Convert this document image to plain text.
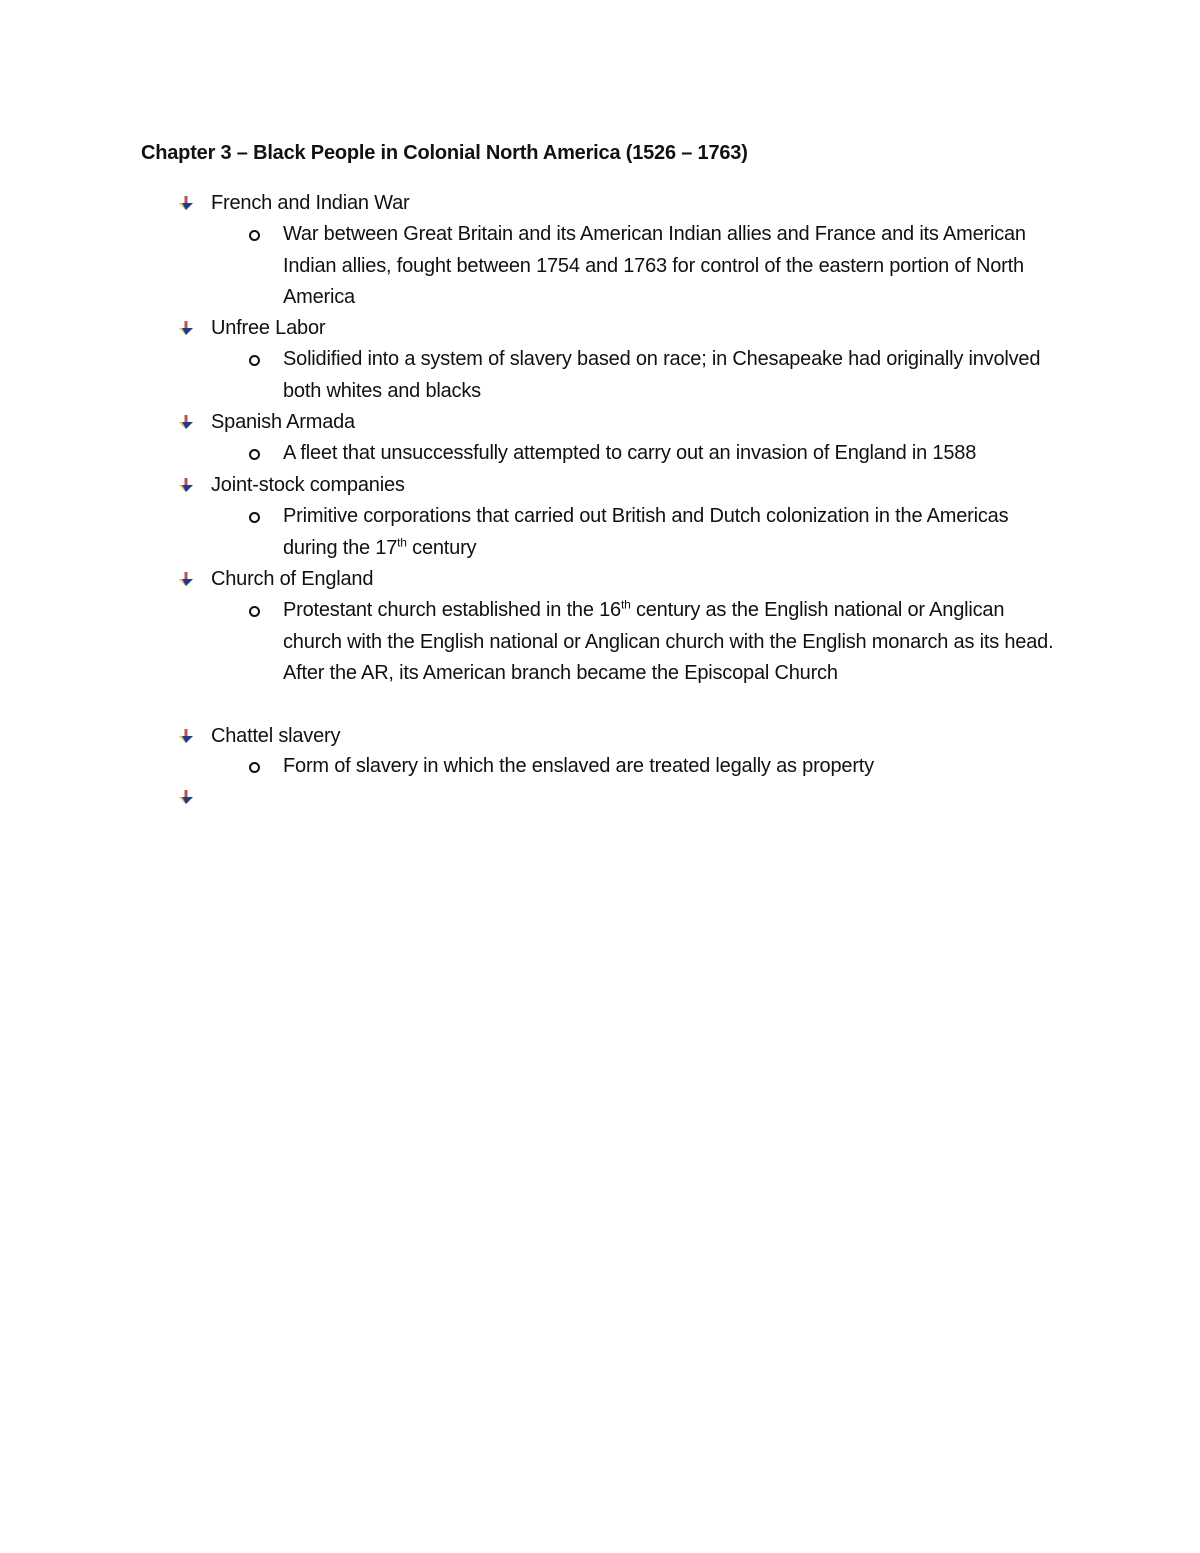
Chapter 3 – Black People in Colonial North America (1526 – 1763)
French and Indian War
War between Great Britain and its American Indian allies and France and its American Indian allies, fought between 1754 and 1763 for control of the eastern portion of North America
Unfree Labor
Solidified into a system of slavery based on race; in Chesapeake had originally involved both whites and blacks
Spanish Armada
A fleet that unsuccessfully attempted to carry out an invasion of England in 1588
Joint-stock companies
Primitive corporations that carried out British and Dutch colonization in the Americas during the 17th century
Church of England
Protestant church established in the 16th century as the English national or Anglican church with the English national or Anglican church with the English monarch as its head. After the AR, its American branch became the Episcopal Church
Chattel slavery
Form of slavery in which the enslaved are treated legally as property
